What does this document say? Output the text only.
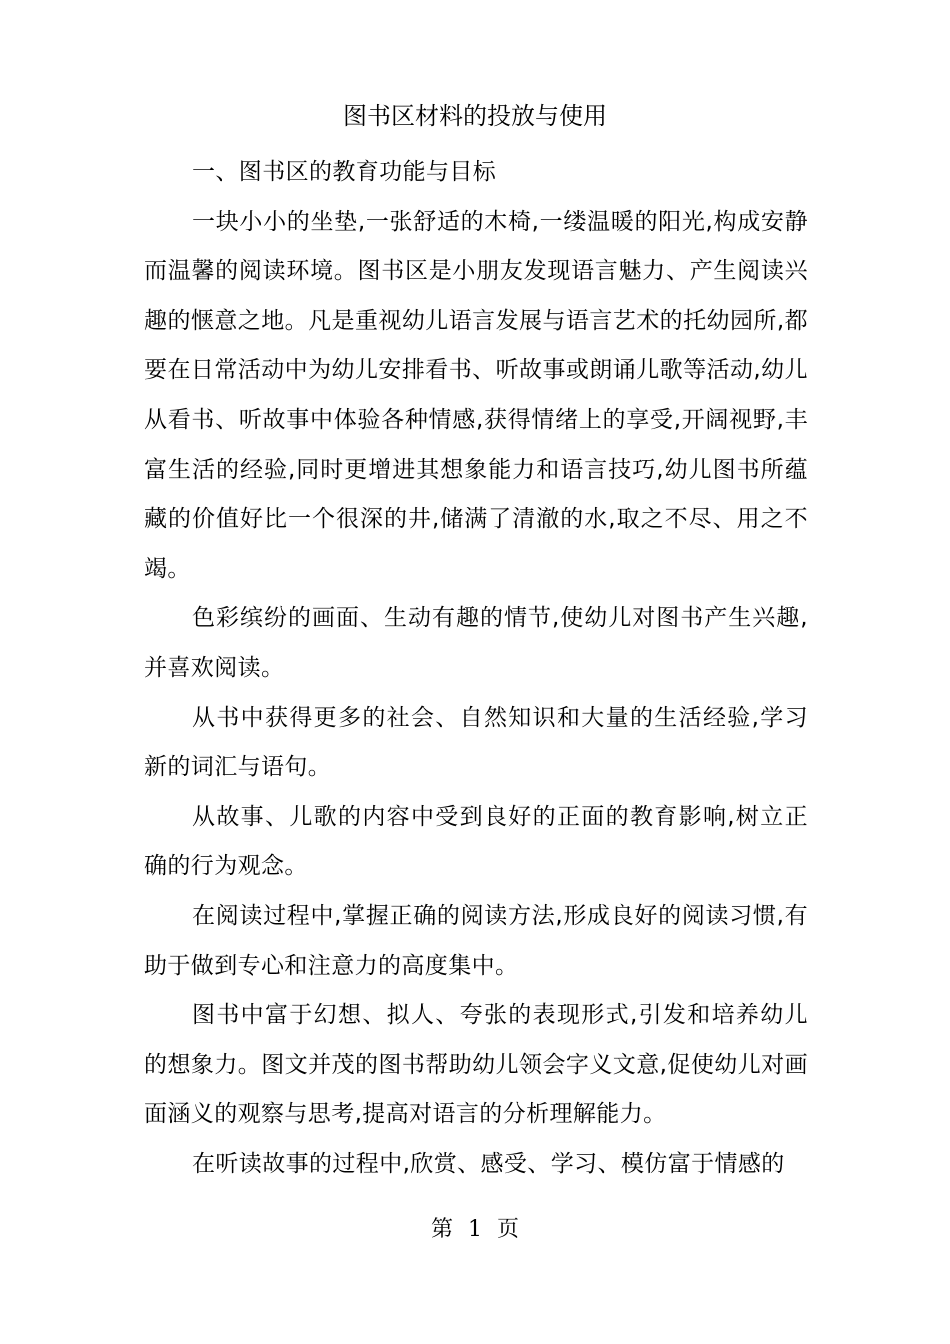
图书区材料的投放与使用

一、图书区的教育功能与目标

一块小小的坐垫,一张舒适的木椅,一缕温暖的阳光,构成安静而温馨的阅读环境。图书区是小朋友发现语言魅力、产生阅读兴趣的惬意之地。凡是重视幼儿语言发展与语言艺术的托幼园所,都要在日常活动中为幼儿安排看书、听故事或朗诵儿歌等活动,幼儿从看书、听故事中体验各种情感,获得情绪上的享受,开阔视野,丰富生活的经验,同时更增进其想象能力和语言技巧,幼儿图书所蕴藏的价值好比一个很深的井,储满了清澈的水,取之不尽、用之不竭。

色彩缤纷的画面、生动有趣的情节,使幼儿对图书产生兴趣,并喜欢阅读。

从书中获得更多的社会、自然知识和大量的生活经验,学习新的词汇与语句。

从故事、儿歌的内容中受到良好的正面的教育影响,树立正确的行为观念。

在阅读过程中,掌握正确的阅读方法,形成良好的阅读习惯,有助于做到专心和注意力的高度集中。

图书中富于幻想、拟人、夸张的表现形式,引发和培养幼儿的想象力。图文并茂的图书帮助幼儿领会字义文意,促使幼儿对画面涵义的观察与思考,提高对语言的分析理解能力。

在听读故事的过程中,欣赏、感受、学习、模仿富于情感的

第 1 页
